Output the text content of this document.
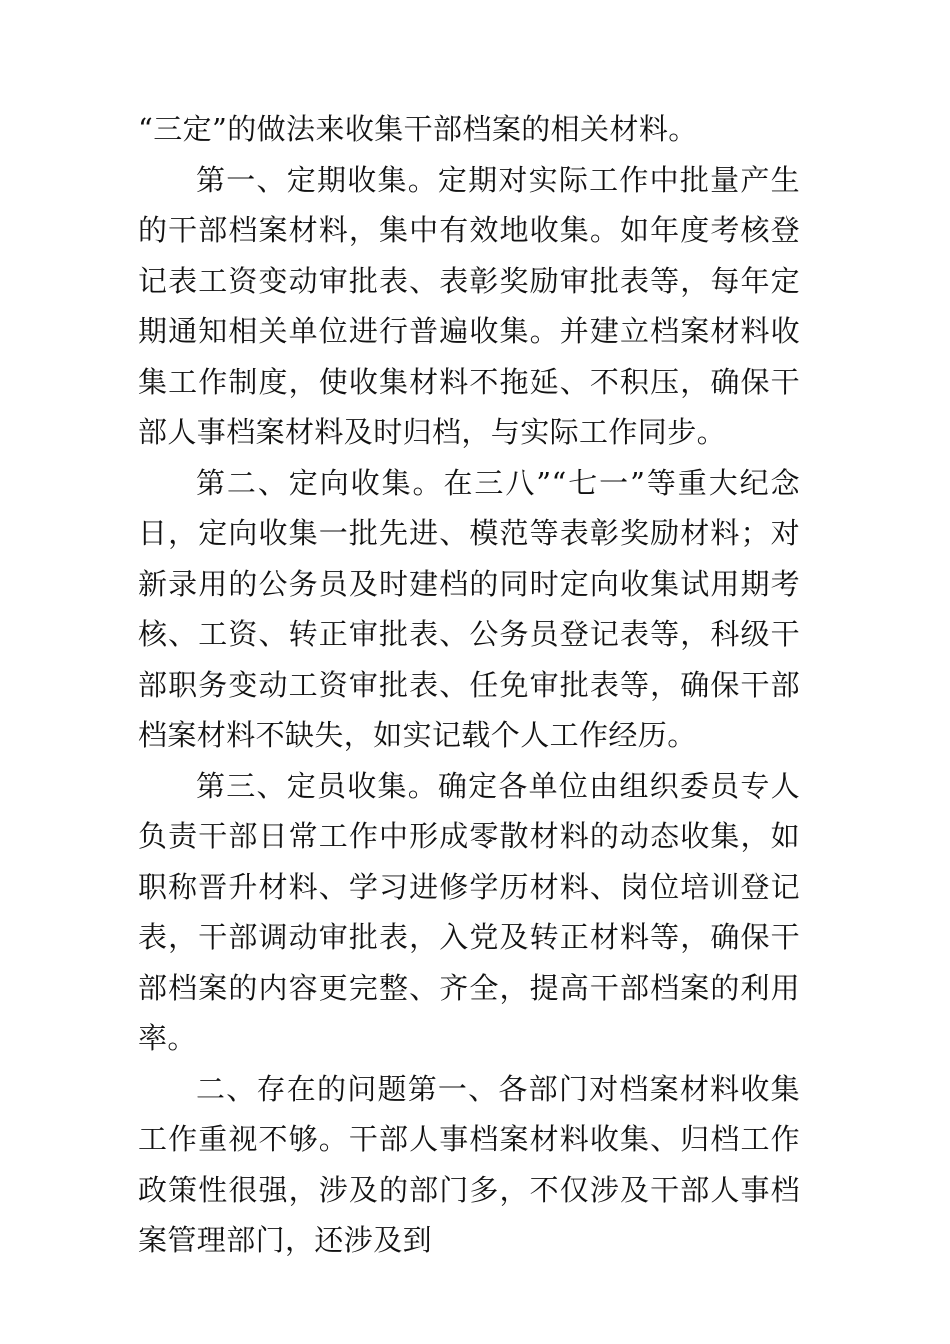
“三定”的做法来收集干部档案的相关材料。

第一、定期收集。定期对实际工作中批量产生的干部档案材料，集中有效地收集。如年度考核登记表工资变动审批表、表彰奖励审批表等，每年定期通知相关单位进行普遍收集。并建立档案材料收集工作制度，使收集材料不拖延、不积压，确保干部人事档案材料及时归档，与实际工作同步。

第二、定向收集。在三八”“七一”等重大纪念日，定向收集一批先进、模范等表彰奖励材料；对新录用的公务员及时建档的同时定向收集试用期考核、工资、转正审批表、公务员登记表等，科级干部职务变动工资审批表、任免审批表等，确保干部档案材料不缺失，如实记载个人工作经历。

第三、定员收集。确定各单位由组织委员专人负责干部日常工作中形成零散材料的动态收集，如职称晋升材料、学习进修学历材料、岗位培训登记表，干部调动审批表，入党及转正材料等，确保干部档案的内容更完整、齐全，提高干部档案的利用率。

二、存在的问题第一、各部门对档案材料收集工作重视不够。干部人事档案材料收集、归档工作政策性很强，涉及的部门多，不仅涉及干部人事档案管理部门，还涉及到
